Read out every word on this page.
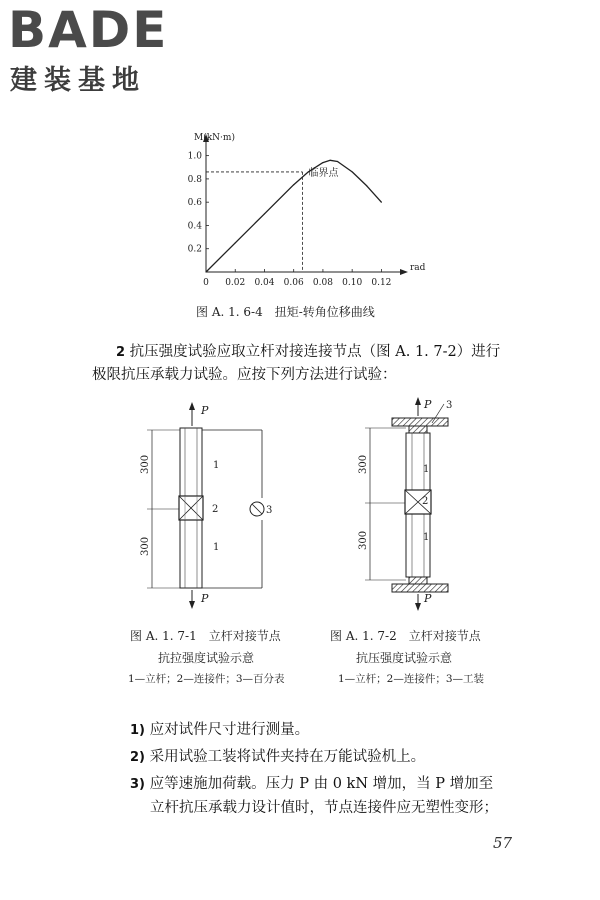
BADE
建装基地
0 0.02 0.04 0.06 0.08 0.10 0.12
0.2
0.4
0.6
0.8
1.0
M(kN·m)
rad
临界点
图 A. 1. 6-4　扭矩-转角位移曲线
2 抗压强度试验应取立杆对接连接节点（图 A. 1. 7-2）进行极限抗压承载力试验。应按下列方法进行试验：
P
1
2
1
3
300
300
P
P 3
1
2
1
300
300
P
图 A. 1. 7-1　立杆对接节点
抗拉强度试验示意
1—立杆；2—连接件；3—百分表
图 A. 1. 7-2　立杆对接节点
抗压强度试验示意
1—立杆；2—连接件；3—工装
1) 应对试件尺寸进行测量。
2) 采用试验工装将试件夹持在万能试验机上。
3) 应等速施加荷载。压力 P 由 0 kN 增加，当 P 增加至
立杆抗压承载力设计值时，节点连接件应无塑性变形；
57
